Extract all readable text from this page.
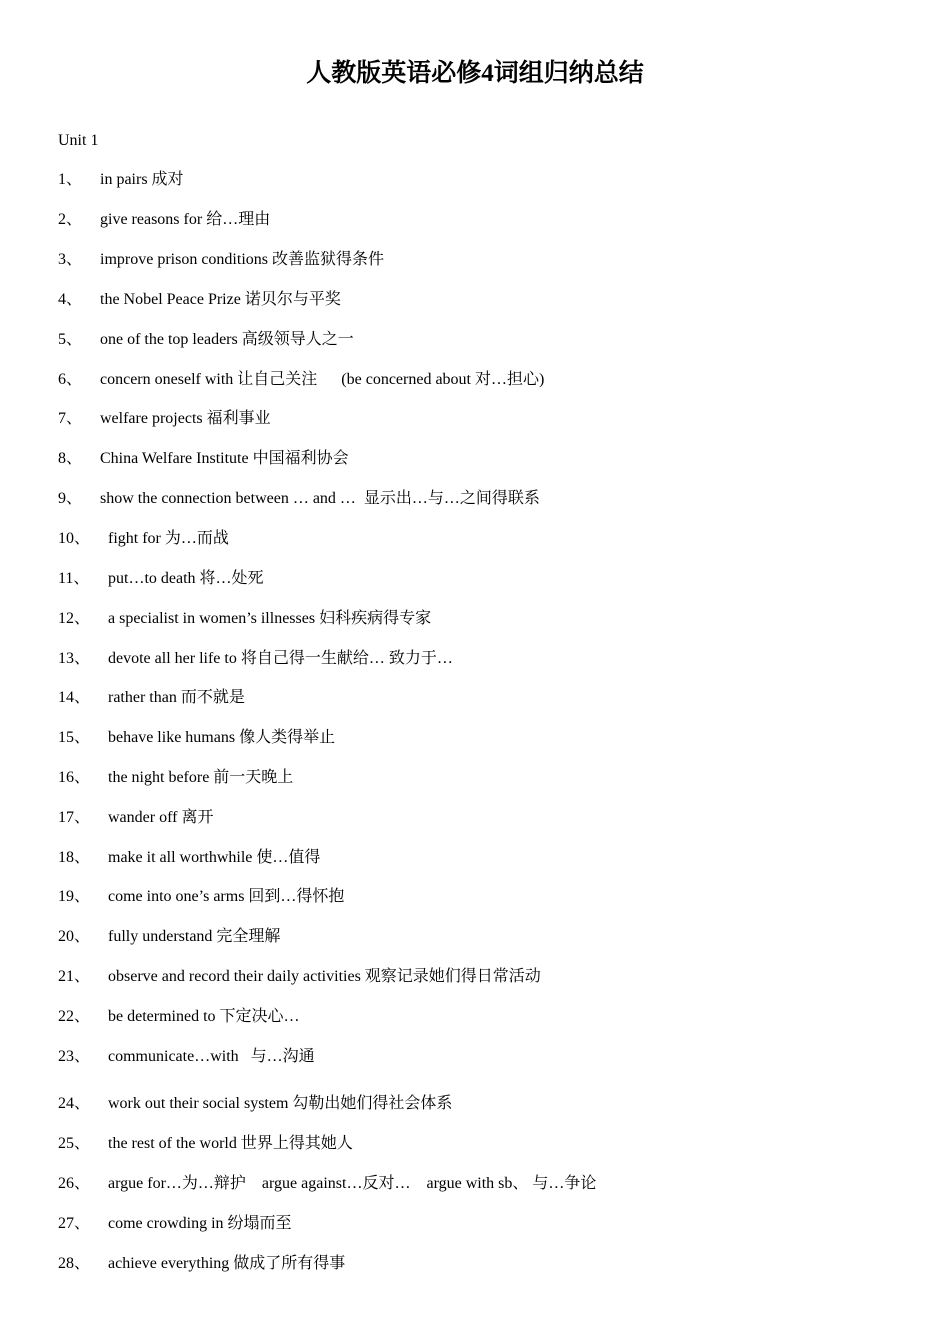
人教版英语必修4词组归纳总结
Unit 1
1、 in pairs 成对
2、 give reasons for 给…理由
3、 improve prison conditions 改善监狱得条件
4、 the Nobel Peace Prize 诺贝尔与平奖
5、 one of the top leaders 高级领导人之一
6、 concern oneself with 让自己关注      (be concerned about 对…担心)
7、 welfare projects 福利事业
8、 China Welfare Institute 中国福利协会
9、 show the connection between … and …  显示出…与…之间得联系
10、 fight for 为…而战
11、 put…to death 将…处死
12、 a specialist in women’s illnesses 妇科疾病得专家
13、 devote all her life to 将自己得一生献给… 致力于…
14、 rather than 而不就是
15、 behave like humans 像人类得举止
16、 the night before 前一天晚上
17、 wander off 离开
18、 make it all worthwhile 使…值得
19、 come into one’s arms 回到…得怀抱
20、 fully understand 完全理解
21、 observe and record their daily activities 观察记录她们得日常活动
22、 be determined to 下定决心…
23、 communicate…with   与…沟通
24、 work out their social system 勾勒出她们得社会体系
25、 the rest of the world 世界上得其她人
26、 argue for…为…辩护    argue against…反对…    argue with sb、 与…争论
27、 come crowding in 纷塌而至
28、 achieve everything 做成了所有得事
